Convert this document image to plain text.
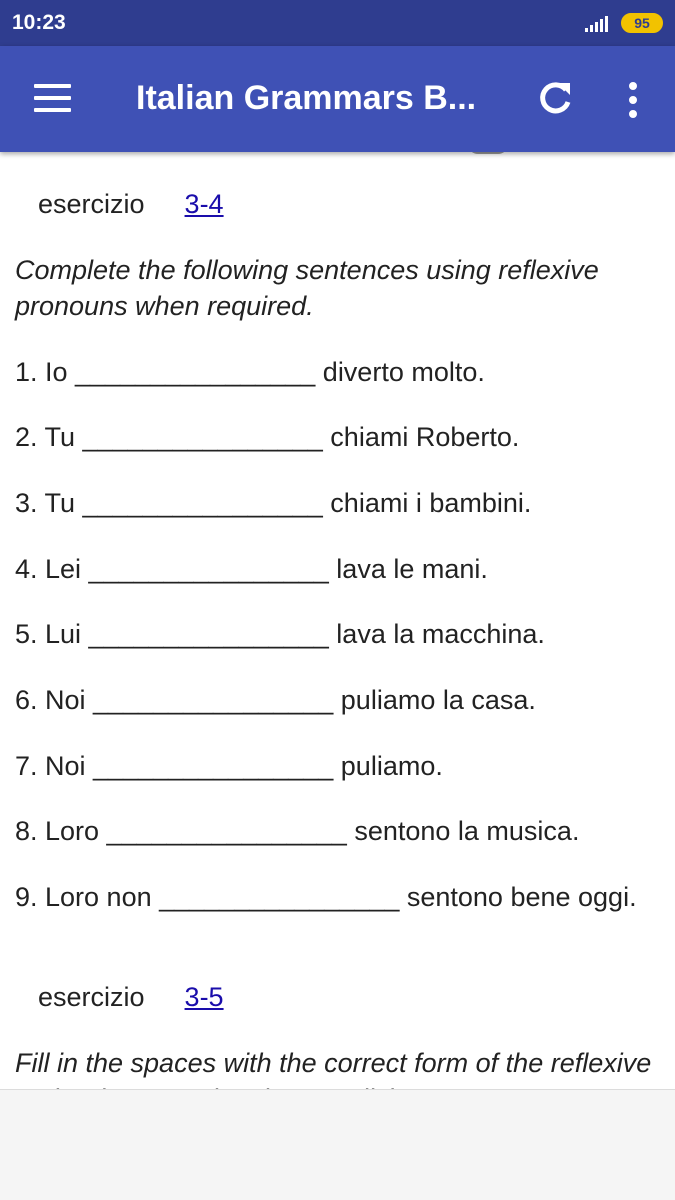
10:23	95
Italian Grammars B...
esercizio 3-4
Complete the following sentences using reflexive pronouns when required.
1. Io ________________ diverto molto.
2. Tu ________________ chiami Roberto.
3. Tu ________________ chiami i bambini.
4. Lei ________________ lava le mani.
5. Lui ________________ lava la macchina.
6. Noi ________________ puliamo la casa.
7. Noi ________________ puliamo.
8. Loro ________________ sentono la musica.
9. Loro non ________________ sentono bene oggi.
esercizio 3-5
Fill in the spaces with the correct form of the reflexive
